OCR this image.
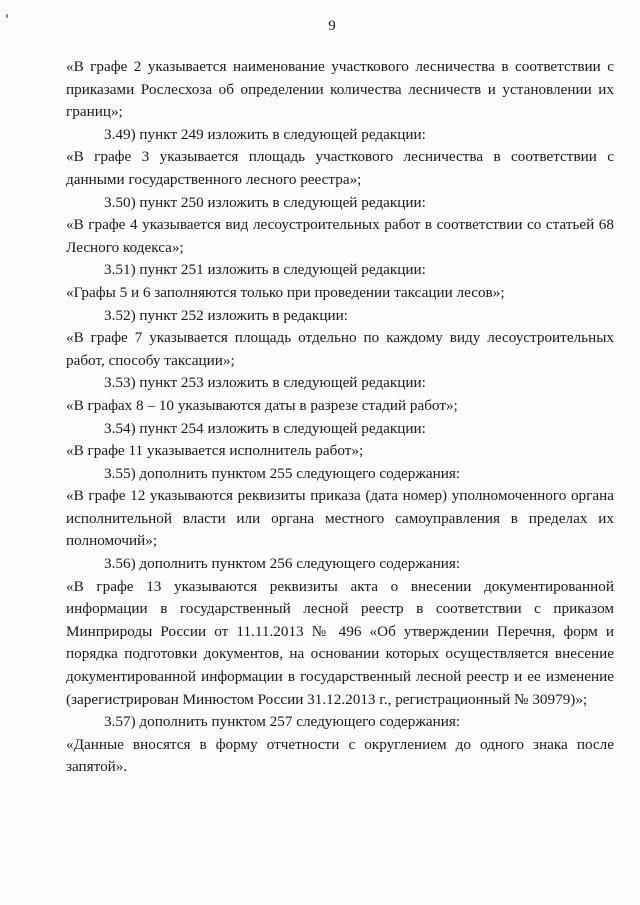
9

«В графе 2 указывается наименование участкового лесничества в соответствии с приказами Рослесхоза об определении количества лесничеств и установлении их границ»;

3.49) пункт 249 изложить в следующей редакции:

«В графе 3 указывается площадь участкового лесничества в соответствии с данными государственного лесного реестра»;

3.50) пункт 250 изложить в следующей редакции:

«В графе 4 указывается вид лесоустроительных работ в соответствии со статьей 68 Лесного кодекса»;

3.51) пункт 251 изложить в следующей редакции:

«Графы 5 и 6 заполняются только при проведении таксации лесов»;

3.52) пункт 252 изложить в редакции:

«В графе 7 указывается площадь отдельно по каждому виду лесоустроительных работ, способу таксации»;

3.53) пункт 253 изложить в следующей редакции:

«В графах 8 – 10 указываются даты в разрезе стадий работ»;

3.54) пункт 254 изложить в следующей редакции:

«В графе 11 указывается исполнитель работ»;

3.55) дополнить пунктом 255 следующего содержания:

«В графе 12 указываются реквизиты приказа (дата номер) уполномоченного органа исполнительной власти или органа местного самоуправления в пределах их полномочий»;

3.56) дополнить пунктом 256 следующего содержания:

«В графе 13 указываются реквизиты акта о внесении документированной информации в государственный лесной реестр в соответствии с приказом Минприроды России от 11.11.2013 № 496 «Об утверждении Перечня, форм и порядка подготовки документов, на основании которых осуществляется внесение документированной информации в государственный лесной реестр и ее изменение (зарегистрирован Минюстом России 31.12.2013 г., регистрационный № 30979)»;

3.57) дополнить пунктом 257 следующего содержания:

«Данные вносятся в форму отчетности с округлением до одного знака после запятой».
